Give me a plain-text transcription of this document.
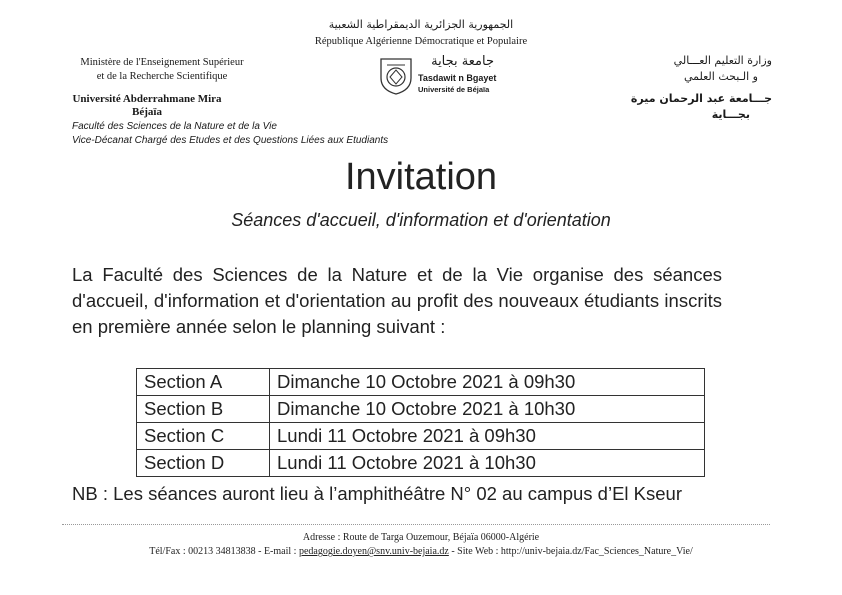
الجمهورية الجزائرية الديمقراطية الشعبية
République Algérienne Démocratique et Populaire
Ministère de l'Enseignement Supérieur
et de la Recherche Scientifique
Université Abderrahmane Mira
Béjaïa
Faculté des Sciences de la Nature et de la Vie
Vice-Décanat Chargé des Etudes et des Questions Liées aux Etudiants
جامعة بجاية
Tasdawit n Bgayet
Université de Béjaïa
وزارة التعليم العـــالي
و الـبحث العلمي
جـــامعة عبد الرحمان ميرة
بجـــاية
Invitation
Séances d'accueil, d'information et d'orientation
La Faculté des Sciences de la Nature et de la Vie organise des séances d'accueil, d'information et d'orientation au profit des nouveaux étudiants inscrits en première année selon le planning suivant :
Section A	Dimanche 10 Octobre 2021 à 09h30
Section B	Dimanche 10 Octobre 2021 à 10h30
Section C	Lundi 11 Octobre 2021 à 09h30
Section D	Lundi 11 Octobre 2021 à 10h30
NB : Les séances auront lieu à l’amphithéâtre N° 02 au campus d’El Kseur
Adresse : Route de Targa Ouzemour, Béjaïa 06000-Algérie
Tél/Fax : 00213 34813838 - E-mail : pedagogie.doyen@snv.univ-bejaia.dz - Site Web : http://univ-bejaia.dz/Fac_Sciences_Nature_Vie/
